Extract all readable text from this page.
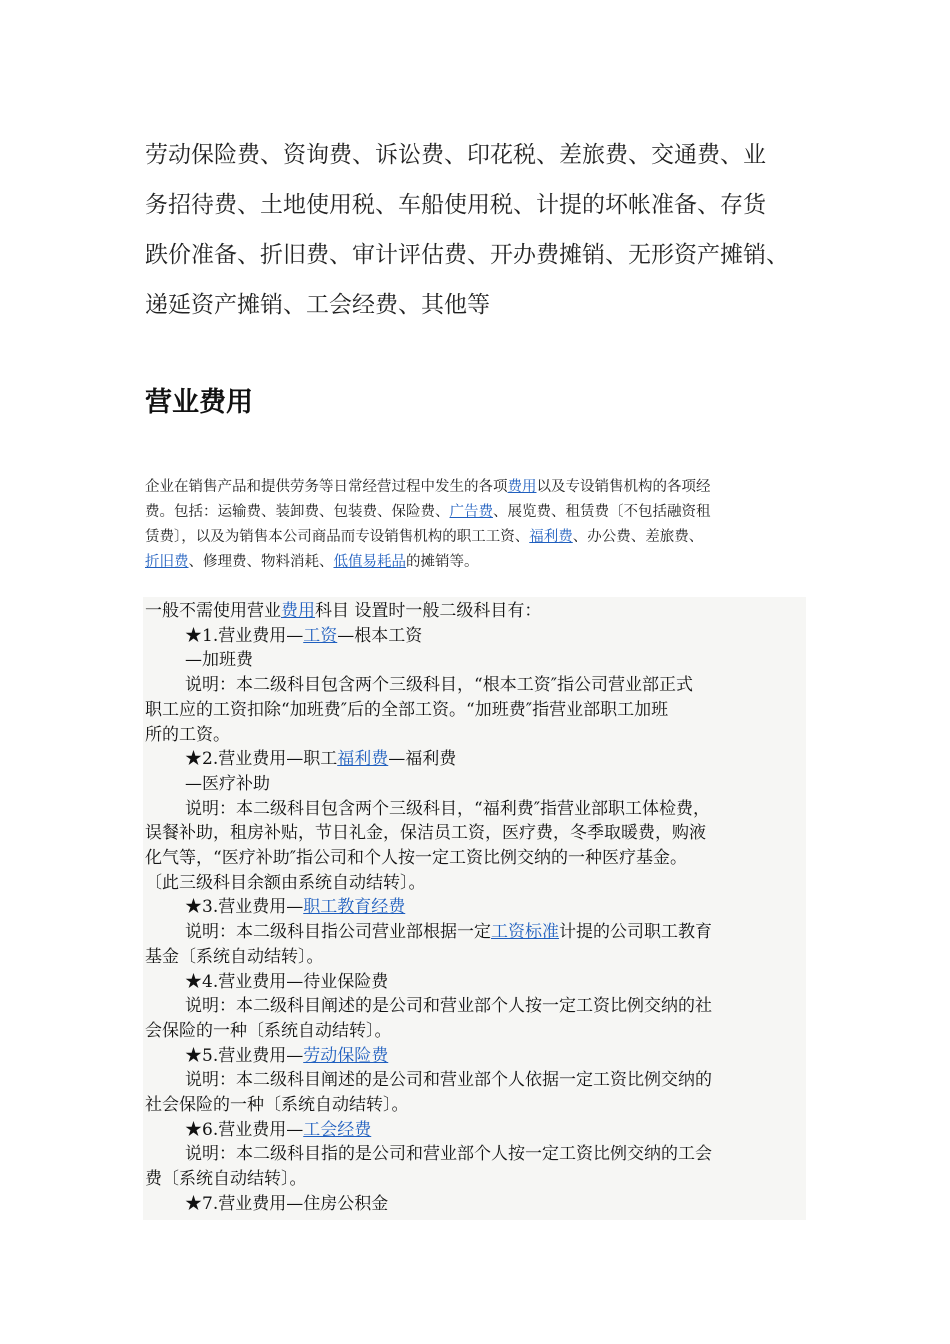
劳动保险费、资询费、诉讼费、印花税、差旅费、交通费、业

务招待费、土地使用税、车船使用税、计提的坏帐准备、存货

跌价准备、折旧费、审计评估费、开办费摊销、无形资产摊销、

递延资产摊销、工会经费、其他等

营业费用

企业在销售产品和提供劳务等日常经营过程中发生的各项费用以及专设销售机构的各项经

费。包括：运输费、装卸费、包装费、保险费、广告费、展览费、租赁费〔不包括融资租

赁费〕，以及为销售本公司商品而专设销售机构的职工工资、福利费、办公费、差旅费、

折旧费、修理费、物料消耗、低值易耗品的摊销等。

一般不需使用营业费用科目 设置时一般二级科目有：

★1.营业费用—工资—根本工资

—加班费

说明：本二级科目包含两个三级科目，“根本工资″指公司营业部正式

职工应的工资扣除“加班费″后的全部工资。“加班费″指营业部职工加班

所的工资。

★2.营业费用—职工福利费—福利费

—医疗补助

说明：本二级科目包含两个三级科目，“福利费″指营业部职工体检费，

误餐补助，租房补贴，节日礼金，保洁员工资，医疗费，冬季取暖费，购液

化气等，“医疗补助″指公司和个人按一定工资比例交纳的一种医疗基金。

〔此三级科目余额由系统自动结转〕。

★3.营业费用—职工教育经费

说明：本二级科目指公司营业部根据一定工资标准计提的公司职工教育

基金〔系统自动结转〕。

★4.营业费用—待业保险费

说明：本二级科目阐述的是公司和营业部个人按一定工资比例交纳的社

会保险的一种〔系统自动结转〕。

★5.营业费用—劳动保险费

说明：本二级科目阐述的是公司和营业部个人依据一定工资比例交纳的

社会保险的一种〔系统自动结转〕。

★6.营业费用—工会经费

说明：本二级科目指的是公司和营业部个人按一定工资比例交纳的工会

费〔系统自动结转〕。

★7.营业费用—住房公积金
